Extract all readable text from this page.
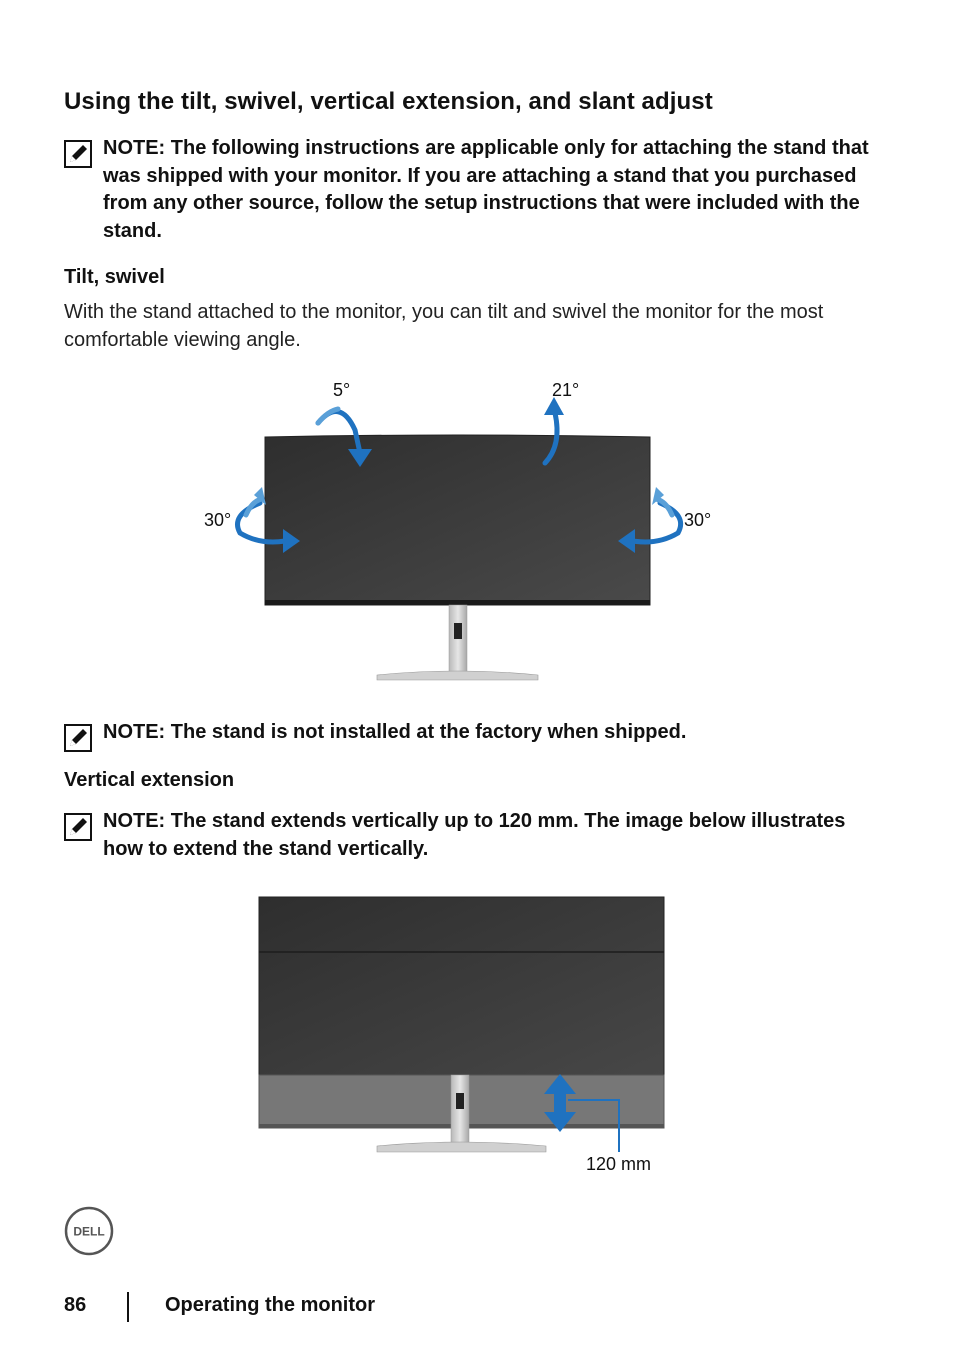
Using the tilt, swivel, vertical extension, and slant adjust
NOTE: The following instructions are applicable only for attaching the stand that was shipped with your monitor. If you are attaching a stand that you purchased from any other source, follow the setup instructions that were included with the stand.
Tilt, swivel
With the stand attached to the monitor, you can tilt and swivel the monitor for the most comfortable viewing angle.
5°	21°
30°	30°
NOTE: The stand is not installed at the factory when shipped.
Vertical extension
NOTE: The stand extends vertically up to 120 mm. The image below illustrates how to extend the stand vertically.
120 mm
DELL
86	Operating the monitor
